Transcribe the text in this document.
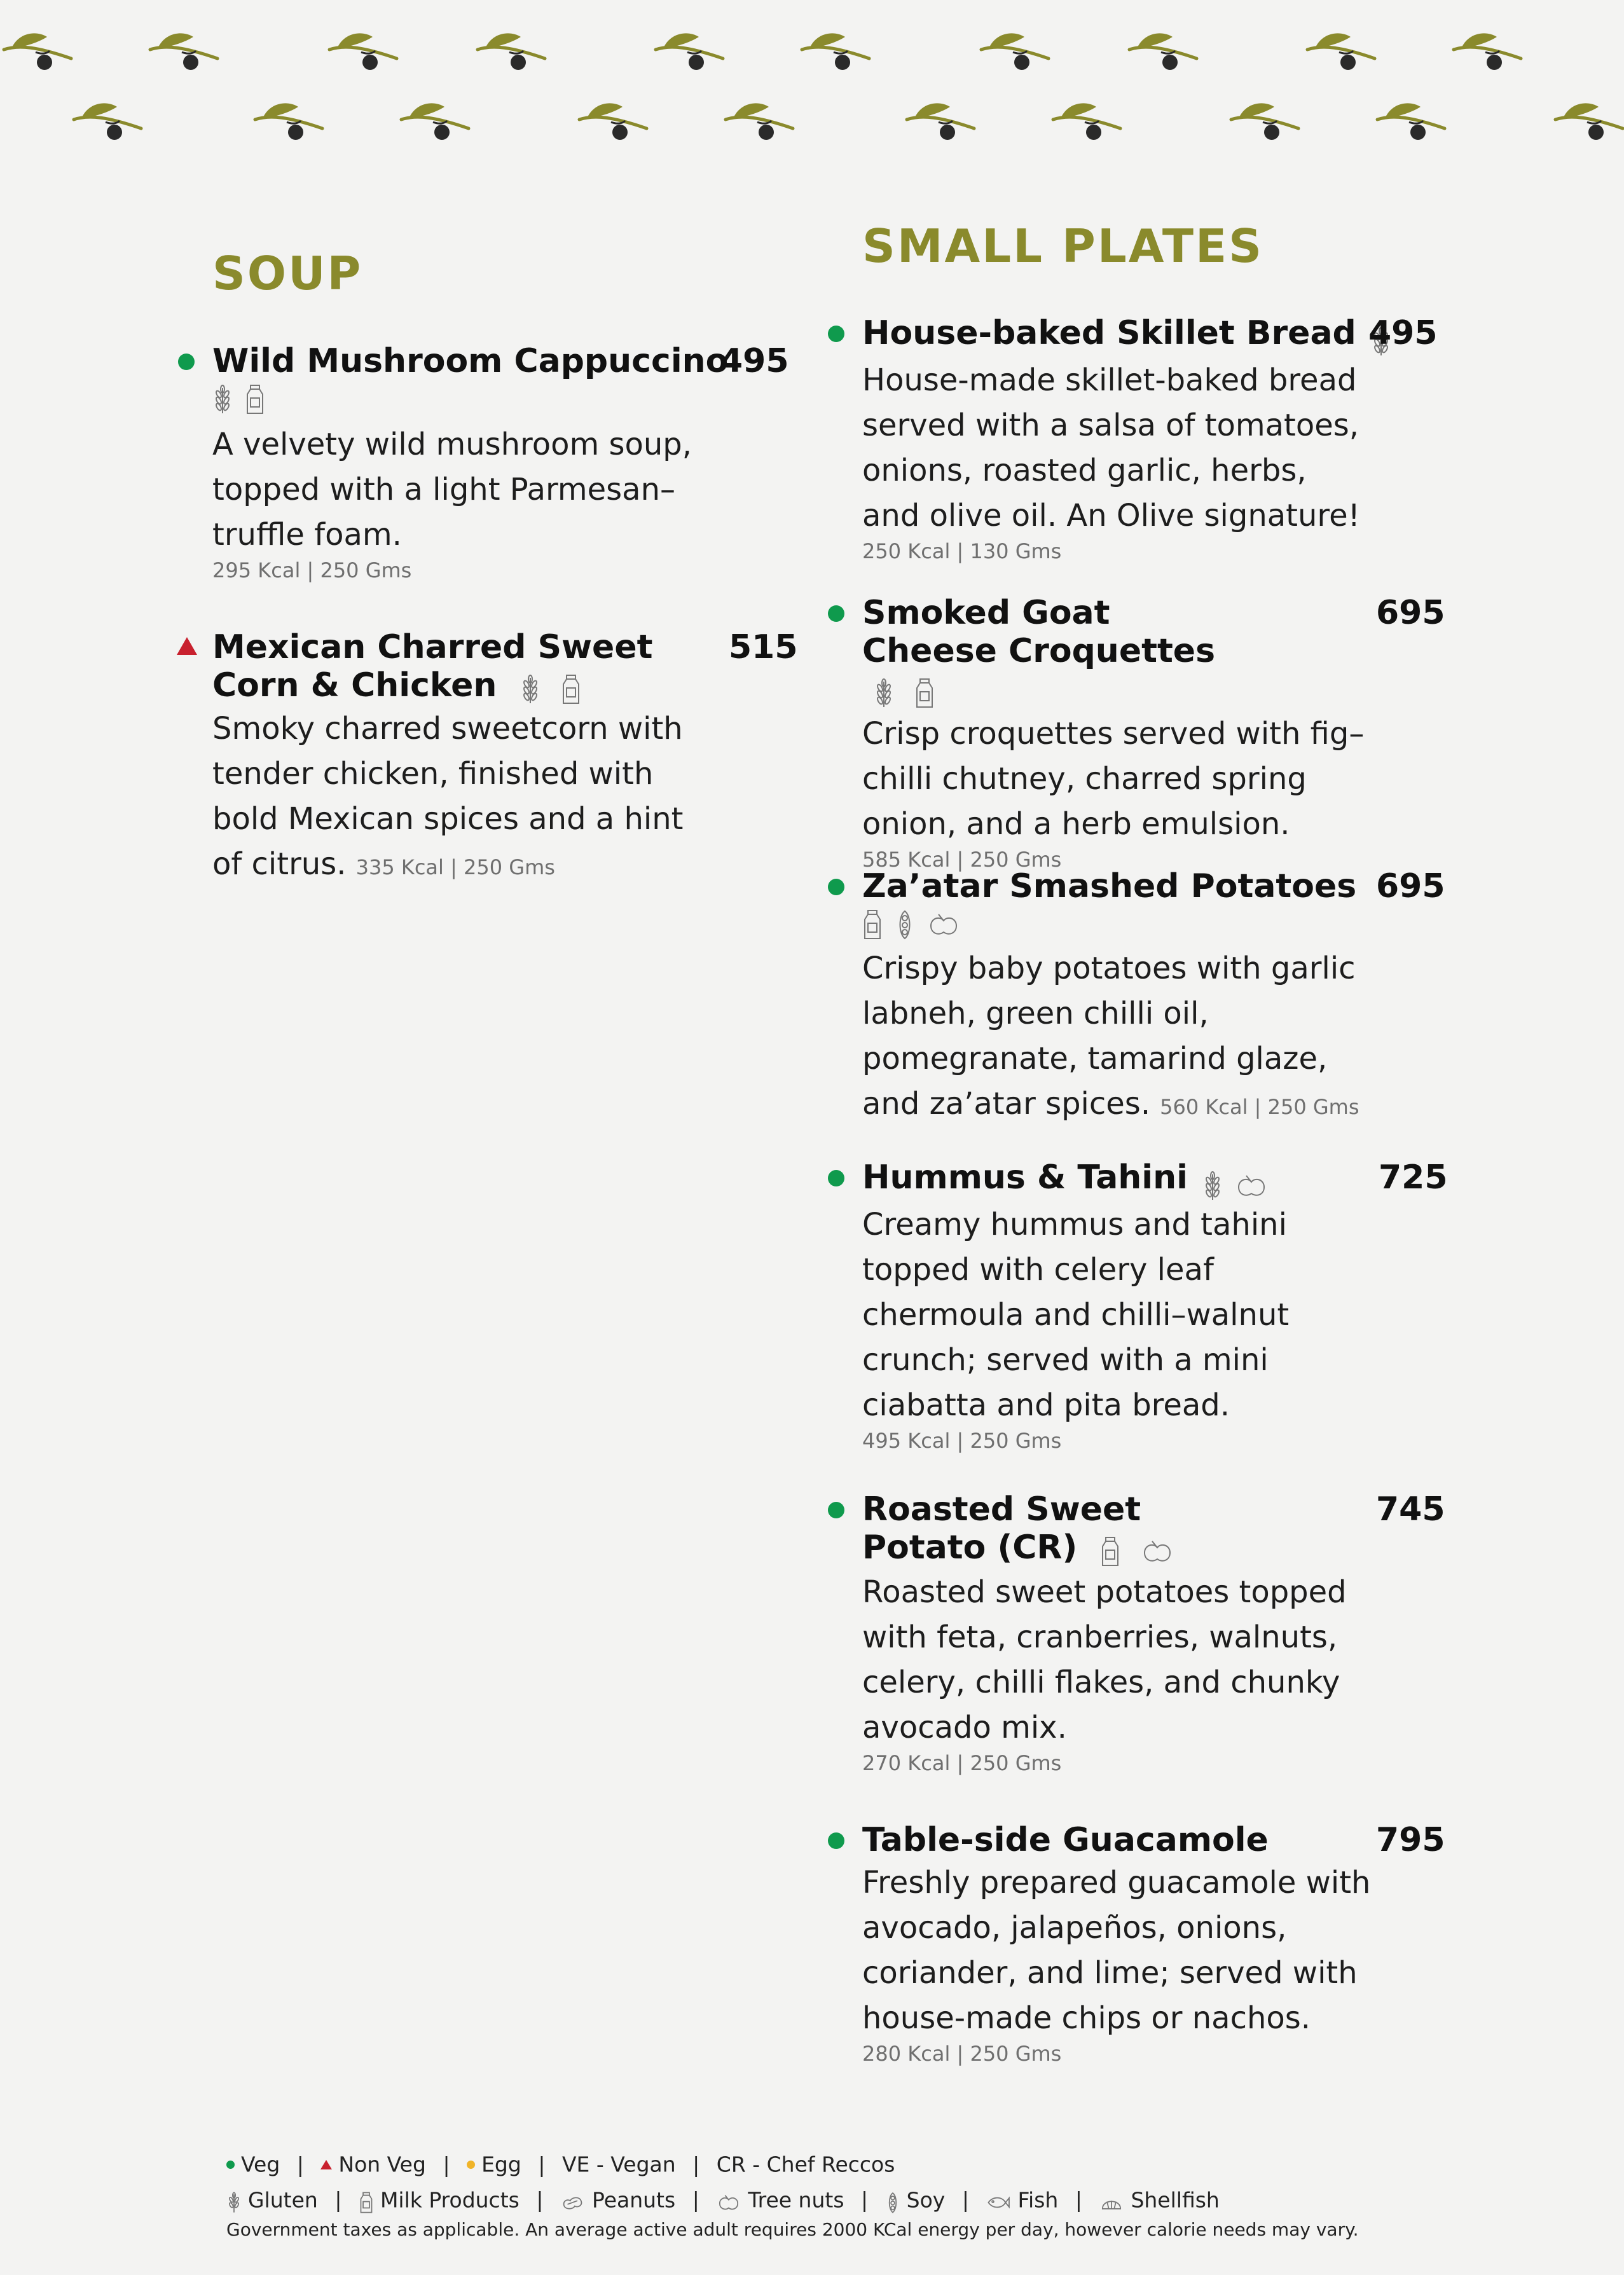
SOUP
Wild Mushroom Cappuccino
495

A velvety wild mushroom soup, topped with a light Parmesan–truffle foam.
295 Kcal | 250 Gms
Mexican Charred Sweet Corn & Chicken
515
Smoky charred sweetcorn with tender chicken, finished with bold Mexican spices and a hint of citrus. 335 Kcal | 250 Gms
SMALL PLATES
House-baked Skillet Bread 495
House-made skillet-baked bread served with a salsa of tomatoes, onions, roasted garlic, herbs, and olive oil. An Olive signature!
250 Kcal | 130 Gms
Smoked Goat Cheese Croquettes
695
Crisp croquettes served with fig–chilli chutney, charred spring onion, and a herb emulsion.
585 Kcal | 250 Gms
Za’atar Smashed Potatoes 695

Crispy baby potatoes with garlic labneh, green chilli oil, pomegranate, tamarind glaze, and za’atar spices. 560 Kcal | 250 Gms
Hummus & Tahini	725
Creamy hummus and tahini topped with celery leaf chermoula and chilli–walnut crunch; served with a mini ciabatta and pita bread.
495 Kcal | 250 Gms
Roasted Sweet Potato (CR)
745
Roasted sweet potatoes topped with feta, cranberries, walnuts, celery, chilli flakes, and chunky avocado mix.
270 Kcal | 250 Gms
Table-side Guacamole	795
Freshly prepared guacamole with avocado, jalapeños, onions, coriander, and lime; served with house-made chips or nachos.
280 Kcal | 250 Gms
Veg | Non Veg | Egg | VE - Vegan | CR - Chef Reccos
Gluten | Milk Products | Peanuts | Tree nuts | Soy | Fish | Shellfish
Government taxes as applicable. An average active adult requires 2000 KCal energy per day, however calorie needs may vary.
